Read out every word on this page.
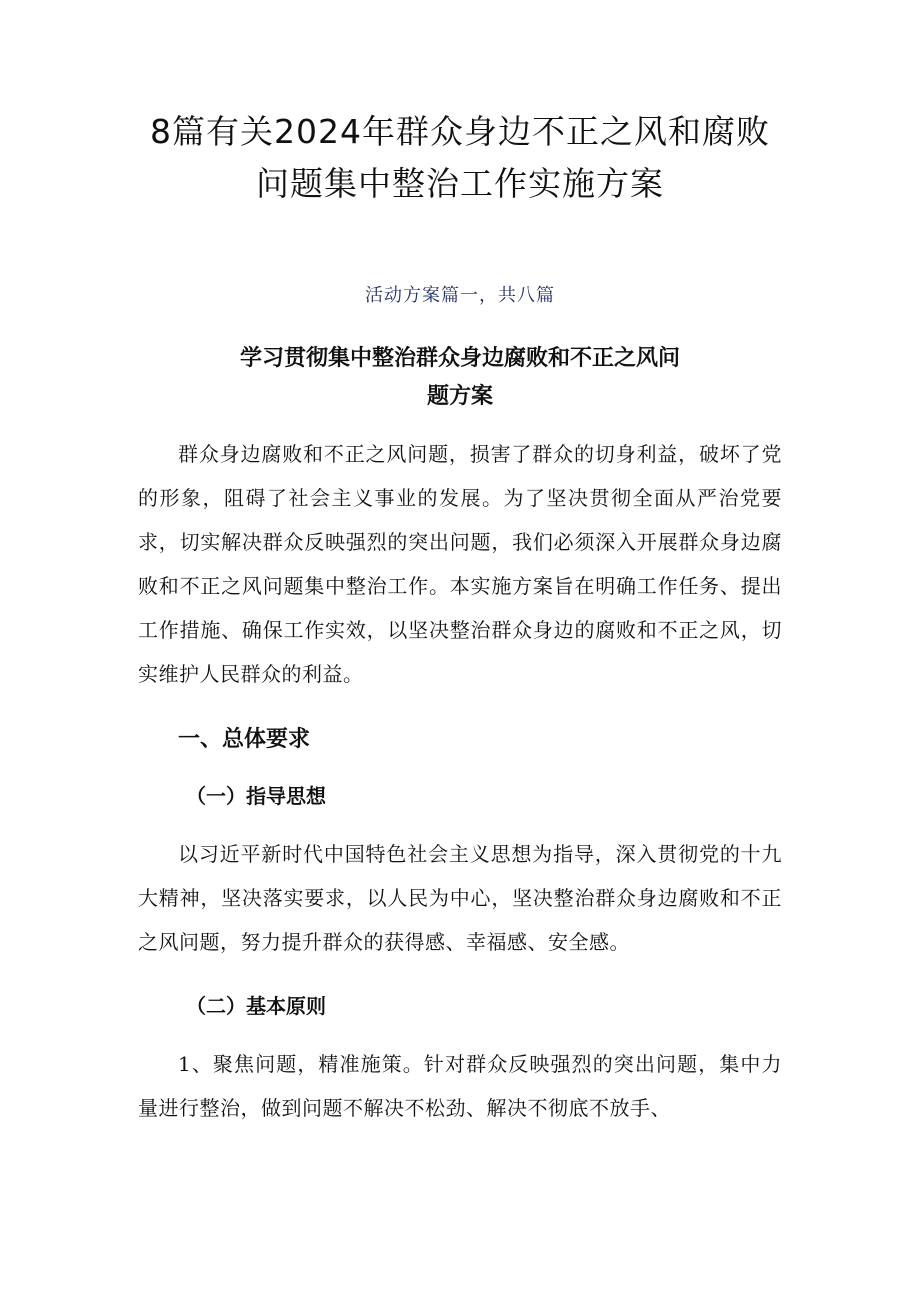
8篇有关2024年群众身边不正之风和腐败
问题集中整治工作实施方案
活动方案篇一，共八篇
学习贯彻集中整治群众身边腐败和不正之风问
题方案

群众身边腐败和不正之风问题，损害了群众的切身利益，破坏了党的形象，阻碍了社会主义事业的发展。为了坚决贯彻全面从严治党要求，切实解决群众反映强烈的突出问题，我们必须深入开展群众身边腐败和不正之风问题集中整治工作。本实施方案旨在明确工作任务、提出工作措施、确保工作实效，以坚决整治群众身边的腐败和不正之风，切实维护人民群众的利益。

一、总体要求
（一）指导思想

以习近平新时代中国特色社会主义思想为指导，深入贯彻党的十九大精神，坚决落实要求，以人民为中心，坚决整治群众身边腐败和不正之风问题，努力提升群众的获得感、幸福感、安全感。

（二）基本原则

1、聚焦问题，精准施策。针对群众反映强烈的突出问题，集中力量进行整治，做到问题不解决不松劲、解决不彻底不放手、
